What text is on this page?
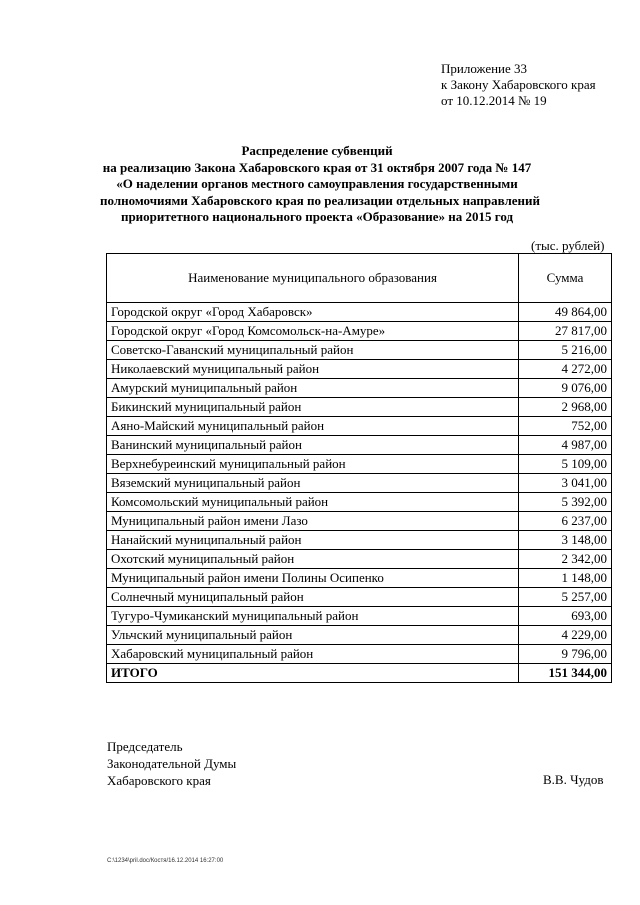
Приложение 33
к Закону Хабаровского края
от 10.12.2014 № 19
Распределение субвенций
на реализацию Закона Хабаровского края от 31 октября 2007 года № 147
«О наделении органов местного самоуправления государственными
полномочиями Хабаровского края по реализации отдельных направлений
приоритетного национального проекта «Образование» на 2015 год
(тыс. рублей)
Наименование муниципального образования	Сумма
Городской округ «Город Хабаровск»	49 864,00
Городской округ «Город Комсомольск-на-Амуре»	27 817,00
Советско-Гаванский муниципальный район	5 216,00
Николаевский муниципальный район	4 272,00
Амурский муниципальный район	9 076,00
Бикинский муниципальный район	2 968,00
Аяно-Майский муниципальный район	752,00
Ванинский муниципальный район	4 987,00
Верхнебуреинский муниципальный район	5 109,00
Вяземский муниципальный район	3 041,00
Комсомольский муниципальный район	5 392,00
Муниципальный район имени Лазо	6 237,00
Нанайский муниципальный район	3 148,00
Охотский муниципальный район	2 342,00
Муниципальный район имени Полины Осипенко	1 148,00
Солнечный муниципальный район	5 257,00
Тугуро-Чумиканский муниципальный район	693,00
Ульчский муниципальный район	4 229,00
Хабаровский муниципальный район	9 796,00
ИТОГО	151 344,00
Председатель
Законодательной Думы
Хабаровского края	В.В. Чудов
C:\1234\pril.doc/Костя/16.12.2014 16:27:00
